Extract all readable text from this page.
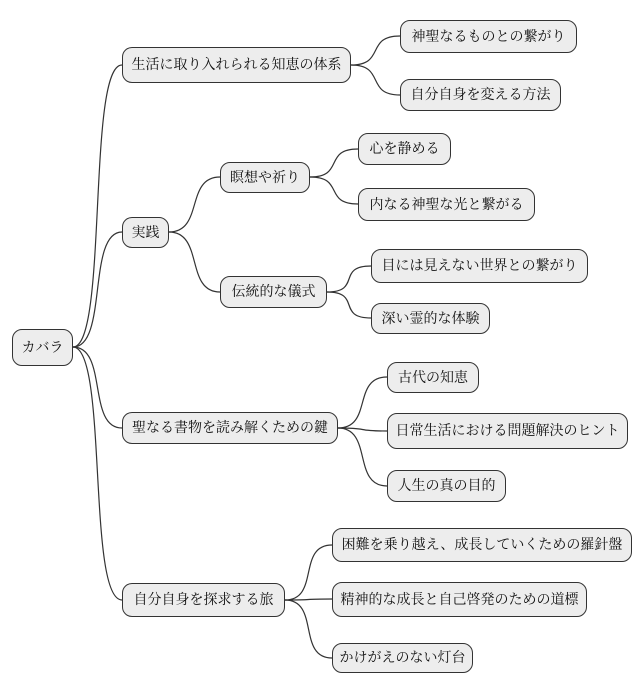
カバラ
生活に取り入れられる知恵の体系
神聖なるものとの繋がり
自分自身を変える方法
実践
瞑想や祈り
心を静める
内なる神聖な光と繋がる
伝統的な儀式
目には見えない世界との繋がり
深い霊的な体験
聖なる書物を読み解くための鍵
古代の知恵
日常生活における問題解決のヒント
人生の真の目的
自分自身を探求する旅
困難を乗り越え、成長していくための羅針盤
精神的な成長と自己啓発のための道標
かけがえのない灯台
